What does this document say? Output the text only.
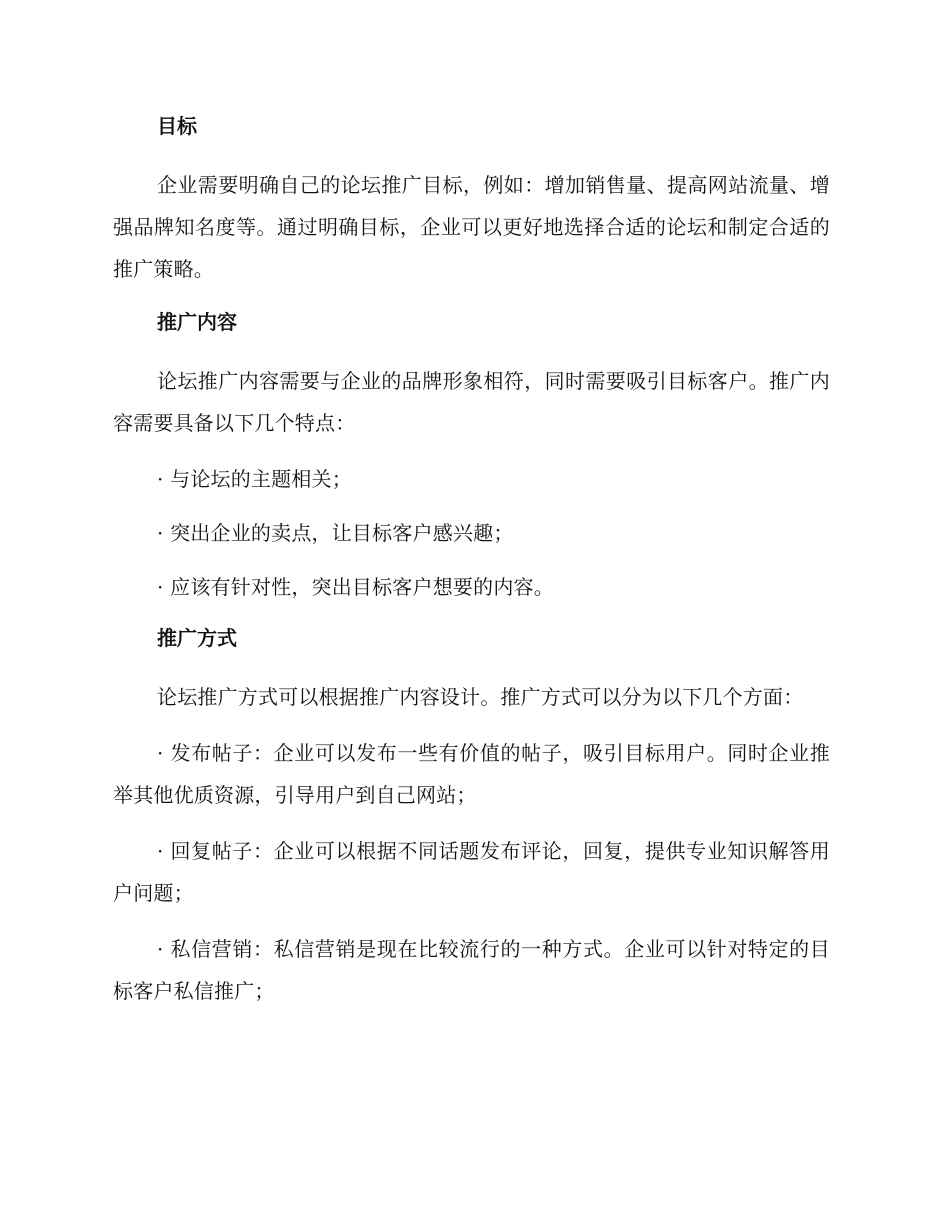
目标

企业需要明确自己的论坛推广目标，例如：增加销售量、提高网站流量、增强品牌知名度等。通过明确目标，企业可以更好地选择合适的论坛和制定合适的推广策略。

推广内容

论坛推广内容需要与企业的品牌形象相符，同时需要吸引目标客户。推广内容需要具备以下几个特点：

· 与论坛的主题相关；

· 突出企业的卖点，让目标客户感兴趣；

· 应该有针对性，突出目标客户想要的内容。

推广方式

论坛推广方式可以根据推广内容设计。推广方式可以分为以下几个方面：

· 发布帖子：企业可以发布一些有价值的帖子，吸引目标用户。同时企业推举其他优质资源，引导用户到自己网站；

· 回复帖子：企业可以根据不同话题发布评论，回复，提供专业知识解答用户问题；

· 私信营销：私信营销是现在比较流行的一种方式。企业可以针对特定的目标客户私信推广；
